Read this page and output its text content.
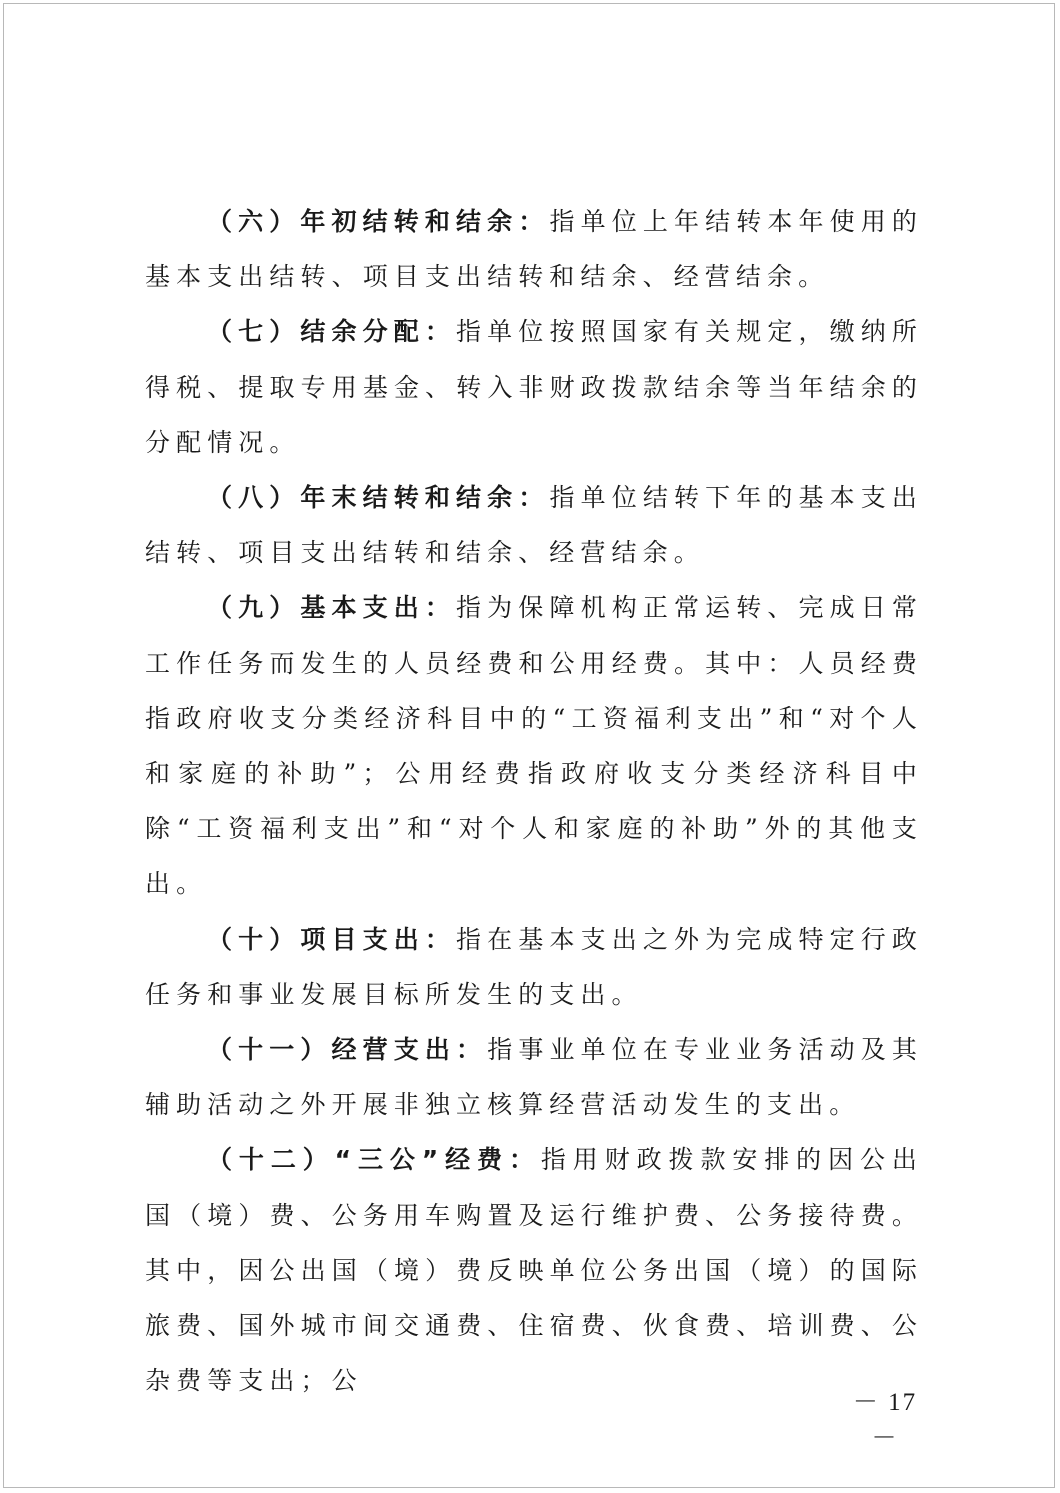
（六）年初结转和结余：指单位上年结转本年使用的基本支出结转、项目支出结转和结余、经营结余。

（七）结余分配：指单位按照国家有关规定，缴纳所得税、提取专用基金、转入非财政拨款结余等当年结余的分配情况。

（八）年末结转和结余：指单位结转下年的基本支出结转、项目支出结转和结余、经营结余。

（九）基本支出：指为保障机构正常运转、完成日常工作任务而发生的人员经费和公用经费。其中：人员经费指政府收支分类经济科目中的“工资福利支出”和“对个人和家庭的补助”；公用经费指政府收支分类经济科目中除“工资福利支出”和“对个人和家庭的补助”外的其他支出。

（十）项目支出：指在基本支出之外为完成特定行政任务和事业发展目标所发生的支出。

（十一）经营支出：指事业单位在专业业务活动及其辅助活动之外开展非独立核算经营活动发生的支出。

（十二）“三公”经费：指用财政拨款安排的因公出国（境）费、公务用车购置及运行维护费、公务接待费。其中，因公出国（境）费反映单位公务出国（境）的国际旅费、国外城市间交通费、住宿费、伙食费、培训费、公杂费等支出；公

－ 17 －
